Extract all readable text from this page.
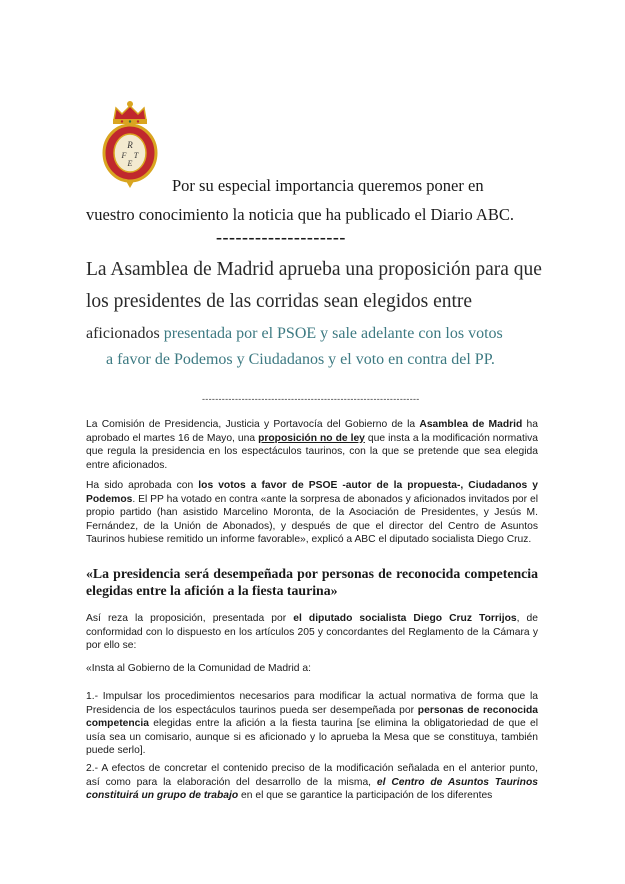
R
F T
E
Por su especial importancia queremos poner en
vuestro conocimiento la noticia que ha publicado el Diario ABC.
--------------------
La Asamblea de Madrid aprueba una proposición para que
los presidentes de las corridas sean elegidos entre
aficionados presentada por el PSOE y sale adelante con los votos
a favor de Podemos y Ciudadanos y el voto en contra del PP.
------------------------------------------------------------------
La Comisión de Presidencia, Justicia y Portavocía del Gobierno de la Asamblea de Madrid ha aprobado el martes 16 de Mayo, una proposición no de ley que insta a la modificación normativa que regula la presidencia en los espectáculos taurinos, con la que se pretende que sea elegida entre aficionados.
Ha sido aprobada con los votos a favor de PSOE -autor de la propuesta-, Ciudadanos y Podemos. El PP ha votado en contra «ante la sorpresa de abonados y aficionados invitados por el propio partido (han asistido Marcelino Moronta, de la Asociación de Presidentes, y Jesús M. Fernández, de la Unión de Abonados), y después de que el director del Centro de Asuntos Taurinos hubiese remitido un informe favorable», explicó a ABC el diputado socialista Diego Cruz.
«La presidencia será desempeñada por personas de reconocida competencia elegidas entre la afición a la fiesta taurina»
Así reza la proposición, presentada por el diputado socialista Diego Cruz Torrijos, de conformidad con lo dispuesto en los artículos 205 y concordantes del Reglamento de la Cámara y por ello se:
«Insta al Gobierno de la Comunidad de Madrid a:
1.- Impulsar los procedimientos necesarios para modificar la actual normativa de forma que la Presidencia de los espectáculos taurinos pueda ser desempeñada por personas de reconocida competencia elegidas entre la afición a la fiesta taurina [se elimina la obligatoriedad de que el usía sea un comisario, aunque si es aficionado y lo aprueba la Mesa que se constituya, también puede serlo].
2.- A efectos de concretar el contenido preciso de la modificación señalada en el anterior punto, así como para la elaboración del desarrollo de la misma, el Centro de Asuntos Taurinos constituirá un grupo de trabajo en el que se garantice la participación de los diferentes
